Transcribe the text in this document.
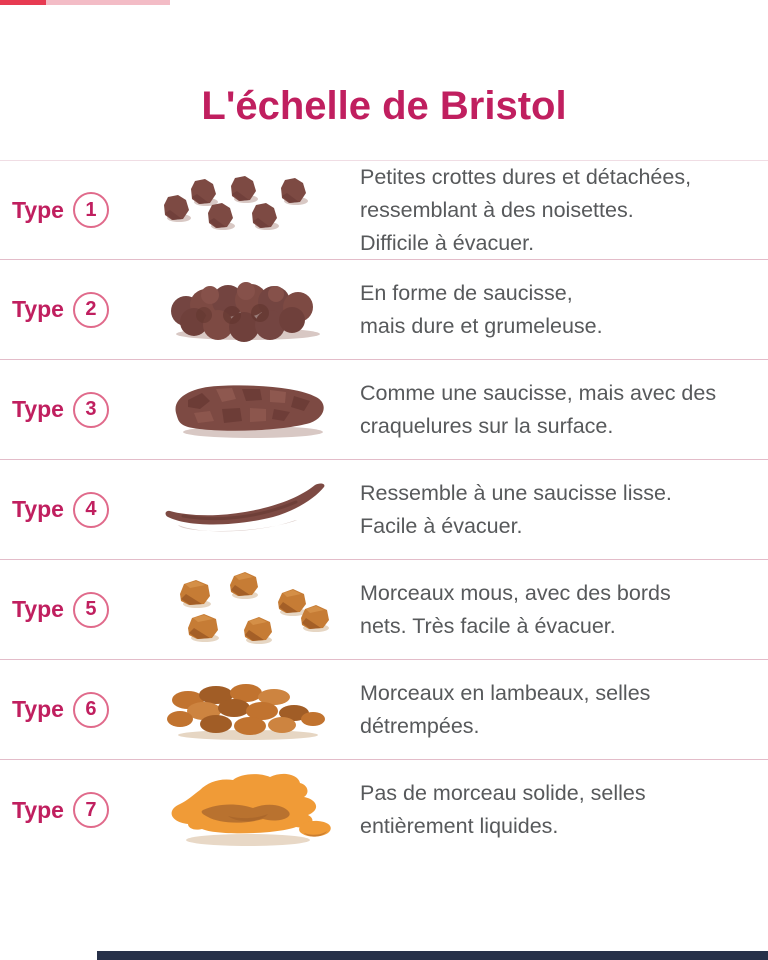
L'échelle de Bristol
Type	1
Petites crottes dures et détachées,
ressemblant à des noisettes.
Difficile à évacuer.
Type	2
En forme de saucisse,
mais dure et grumeleuse.
Type	3
Comme une saucisse, mais avec des
craquelures sur la surface.
Type	4
Ressemble à une saucisse lisse.
Facile à évacuer.
Type	5
Morceaux mous, avec des bords
nets. Très facile à évacuer.
Type	6
Morceaux en lambeaux, selles
détrempées.
Type	7
Pas de morceau solide, selles
entièrement liquides.
